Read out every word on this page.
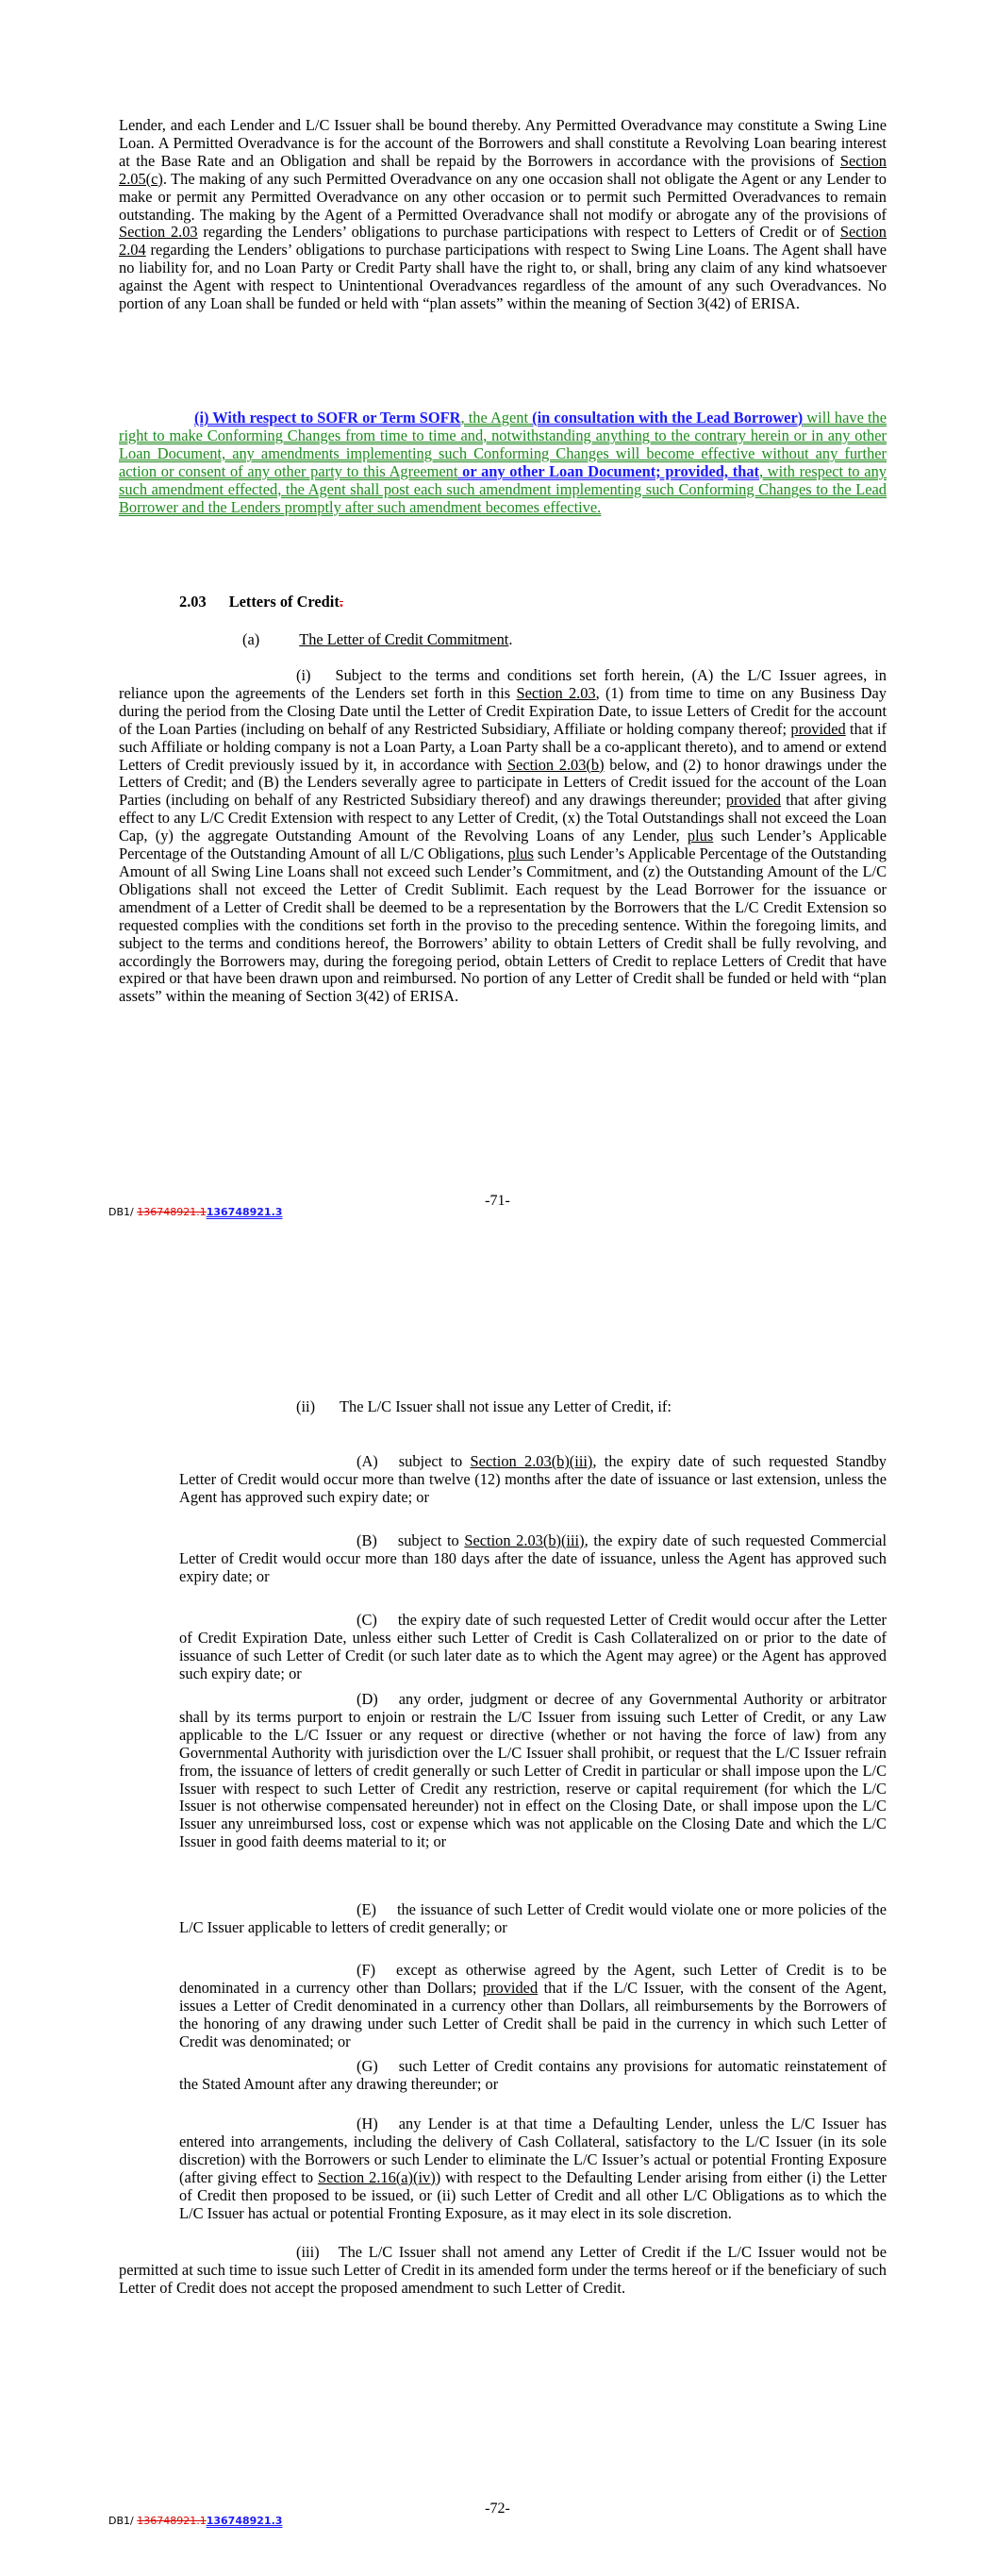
Lender, and each Lender and L/C Issuer shall be bound thereby. Any Permitted Overadvance may constitute a Swing Line Loan. A Permitted Overadvance is for the account of the Borrowers and shall constitute a Revolving Loan bearing interest at the Base Rate and an Obligation and shall be repaid by the Borrowers in accordance with the provisions of Section 2.05(c). The making of any such Permitted Overadvance on any one occasion shall not obligate the Agent or any Lender to make or permit any Permitted Overadvance on any other occasion or to permit such Permitted Overadvances to remain outstanding. The making by the Agent of a Permitted Overadvance shall not modify or abrogate any of the provisions of Section 2.03 regarding the Lenders’ obligations to purchase participations with respect to Letters of Credit or of Section 2.04 regarding the Lenders’ obligations to purchase participations with respect to Swing Line Loans. The Agent shall have no liability for, and no Loan Party or Credit Party shall have the right to, or shall, bring any claim of any kind whatsoever against the Agent with respect to Unintentional Overadvances regardless of the amount of any such Overadvances. No portion of any Loan shall be funded or held with “plan assets” within the meaning of Section 3(42) of ERISA.

(i) With respect to SOFR or Term SOFR, the Agent (in consultation with the Lead Borrower) will have the right to make Conforming Changes from time to time and, notwithstanding anything to the contrary herein or in any other Loan Document, any amendments implementing such Conforming Changes will become effective without any further action or consent of any other party to this Agreement or any other Loan Document; provided, that, with respect to any such amendment effected, the Agent shall post each such amendment implementing such Conforming Changes to the Lead Borrower and the Lenders promptly after such amendment becomes effective.

2.03 Letters of Credit.
(a)	The Letter of Credit Commitment.

(i) Subject to the terms and conditions set forth herein, (A) the L/C Issuer agrees, in reliance upon the agreements of the Lenders set forth in this Section 2.03, (1) from time to time on any Business Day during the period from the Closing Date until the Letter of Credit Expiration Date, to issue Letters of Credit for the account of the Loan Parties (including on behalf of any Restricted Subsidiary, Affiliate or holding company thereof; provided that if such Affiliate or holding company is not a Loan Party, a Loan Party shall be a co-applicant thereto), and to amend or extend Letters of Credit previously issued by it, in accordance with Section 2.03(b) below, and (2) to honor drawings under the Letters of Credit; and (B) the Lenders severally agree to participate in Letters of Credit issued for the account of the Loan Parties (including on behalf of any Restricted Subsidiary thereof) and any drawings thereunder; provided that after giving effect to any L/C Credit Extension with respect to any Letter of Credit, (x) the Total Outstandings shall not exceed the Loan Cap, (y) the aggregate Outstanding Amount of the Revolving Loans of any Lender, plus such Lender’s Applicable Percentage of the Outstanding Amount of all L/C Obligations, plus such Lender’s Applicable Percentage of the Outstanding Amount of all Swing Line Loans shall not exceed such Lender’s Commitment, and (z) the Outstanding Amount of the L/C Obligations shall not exceed the Letter of Credit Sublimit. Each request by the Lead Borrower for the issuance or amendment of a Letter of Credit shall be deemed to be a representation by the Borrowers that the L/C Credit Extension so requested complies with the conditions set forth in the proviso to the preceding sentence. Within the foregoing limits, and subject to the terms and conditions hereof, the Borrowers’ ability to obtain Letters of Credit shall be fully revolving, and accordingly the Borrowers may, during the foregoing period, obtain Letters of Credit to replace Letters of Credit that have expired or that have been drawn upon and reimbursed. No portion of any Letter of Credit shall be funded or held with “plan assets” within the meaning of Section 3(42) of ERISA.

-71-
DB1/ 136748921.1136748921.3

(ii) The L/C Issuer shall not issue any Letter of Credit, if:

(A) subject to Section 2.03(b)(iii), the expiry date of such requested Standby Letter of Credit would occur more than twelve (12) months after the date of issuance or last extension, unless the Agent has approved such expiry date; or

(B) subject to Section 2.03(b)(iii), the expiry date of such requested Commercial Letter of Credit would occur more than 180 days after the date of issuance, unless the Agent has approved such expiry date; or

(C) the expiry date of such requested Letter of Credit would occur after the Letter of Credit Expiration Date, unless either such Letter of Credit is Cash Collateralized on or prior to the date of issuance of such Letter of Credit (or such later date as to which the Agent may agree) or the Agent has approved such expiry date; or

(D) any order, judgment or decree of any Governmental Authority or arbitrator shall by its terms purport to enjoin or restrain the L/C Issuer from issuing such Letter of Credit, or any Law applicable to the L/C Issuer or any request or directive (whether or not having the force of law) from any Governmental Authority with jurisdiction over the L/C Issuer shall prohibit, or request that the L/C Issuer refrain from, the issuance of letters of credit generally or such Letter of Credit in particular or shall impose upon the L/C Issuer with respect to such Letter of Credit any restriction, reserve or capital requirement (for which the L/C Issuer is not otherwise compensated hereunder) not in effect on the Closing Date, or shall impose upon the L/C Issuer any unreimbursed loss, cost or expense which was not applicable on the Closing Date and which the L/C Issuer in good faith deems material to it; or

(E) the issuance of such Letter of Credit would violate one or more policies of the L/C Issuer applicable to letters of credit generally; or

(F) except as otherwise agreed by the Agent, such Letter of Credit is to be denominated in a currency other than Dollars; provided that if the L/C Issuer, with the consent of the Agent, issues a Letter of Credit denominated in a currency other than Dollars, all reimbursements by the Borrowers of the honoring of any drawing under such Letter of Credit shall be paid in the currency in which such Letter of Credit was denominated; or

(G) such Letter of Credit contains any provisions for automatic reinstatement of the Stated Amount after any drawing thereunder; or

(H) any Lender is at that time a Defaulting Lender, unless the L/C Issuer has entered into arrangements, including the delivery of Cash Collateral, satisfactory to the L/C Issuer (in its sole discretion) with the Borrowers or such Lender to eliminate the L/C Issuer’s actual or potential Fronting Exposure (after giving effect to Section 2.16(a)(iv)) with respect to the Defaulting Lender arising from either (i) the Letter of Credit then proposed to be issued, or (ii) such Letter of Credit and all other L/C Obligations as to which the L/C Issuer has actual or potential Fronting Exposure, as it may elect in its sole discretion.

(iii) The L/C Issuer shall not amend any Letter of Credit if the L/C Issuer would not be permitted at such time to issue such Letter of Credit in its amended form under the terms hereof or if the beneficiary of such Letter of Credit does not accept the proposed amendment to such Letter of Credit.

-72-
DB1/ 136748921.1136748921.3
